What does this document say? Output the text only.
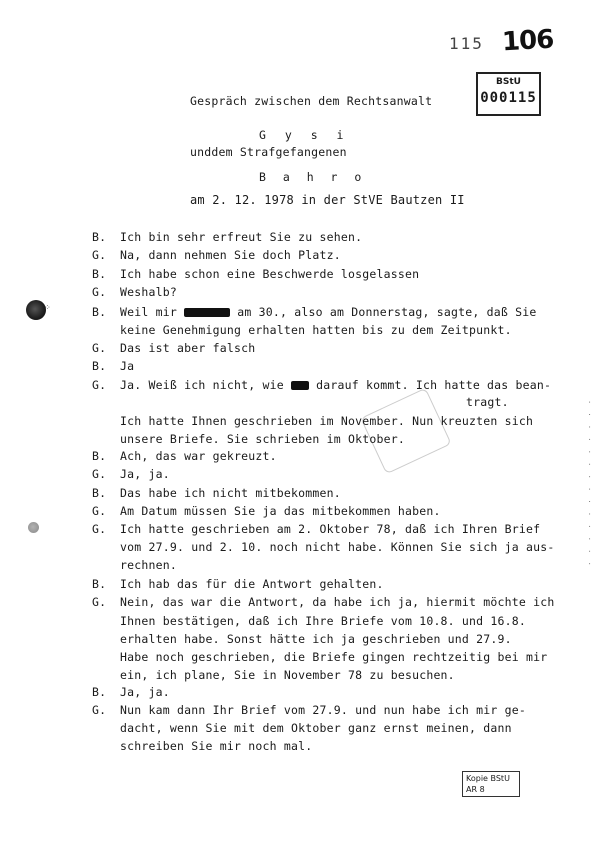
115 106
BStU
000115
Gespräch zwischen dem Rechtsanwalt
G y s i
unddem Strafgefangenen
B a h r o
am 2. 12. 1978 in der StVE Bautzen II
⁘
B. Ich bin sehr erfreut Sie zu sehen.
G. Na, dann nehmen Sie doch Platz.
B. Ich habe schon eine Beschwerde losgelassen
G. Weshalb?
B. Weil mir	am 30., also am Donnerstag, sagte, daß Sie
keine Genehmigung erhalten hatten bis zu dem Zeitpunkt.
G. Das ist aber falsch
B. Ja
G. Ja. Weiß ich nicht, wie	darauf kommt. Ich hatte das bean-
tragt.
Ich hatte Ihnen geschrieben im November. Nun kreuzten sich
unsere Briefe. Sie schrieben im Oktober.
B. Ach, das war gekreuzt.
G. Ja, ja.
B. Das habe ich nicht mitbekommen.
G. Am Datum müssen Sie ja das mitbekommen haben.
G. Ich hatte geschrieben am 2. Oktober 78, daß ich Ihren Brief
vom 27.9. und 2. 10. noch nicht habe. Können Sie sich ja aus-
rechnen.
B. Ich hab das für die Antwort gehalten.
G. Nein, das war die Antwort, da habe ich ja, hiermit möchte ich
Ihnen bestätigen, daß ich Ihre Briefe vom 10.8. und 16.8.
erhalten habe. Sonst hätte ich ja geschrieben und 27.9.
Habe noch geschrieben, die Briefe gingen rechtzeitig bei mir
ein, ich plane, Sie in November 78 zu besuchen.
B. Ja, ja.
G. Nun kam dann Ihr Brief vom 27.9. und nun habe ich mir ge-
dacht, wenn Sie mit dem Oktober ganz ernst meinen, dann
schreiben Sie mir noch mal.
Kopie BStU
AR 8
· · · · · · · · · · · · · ·
